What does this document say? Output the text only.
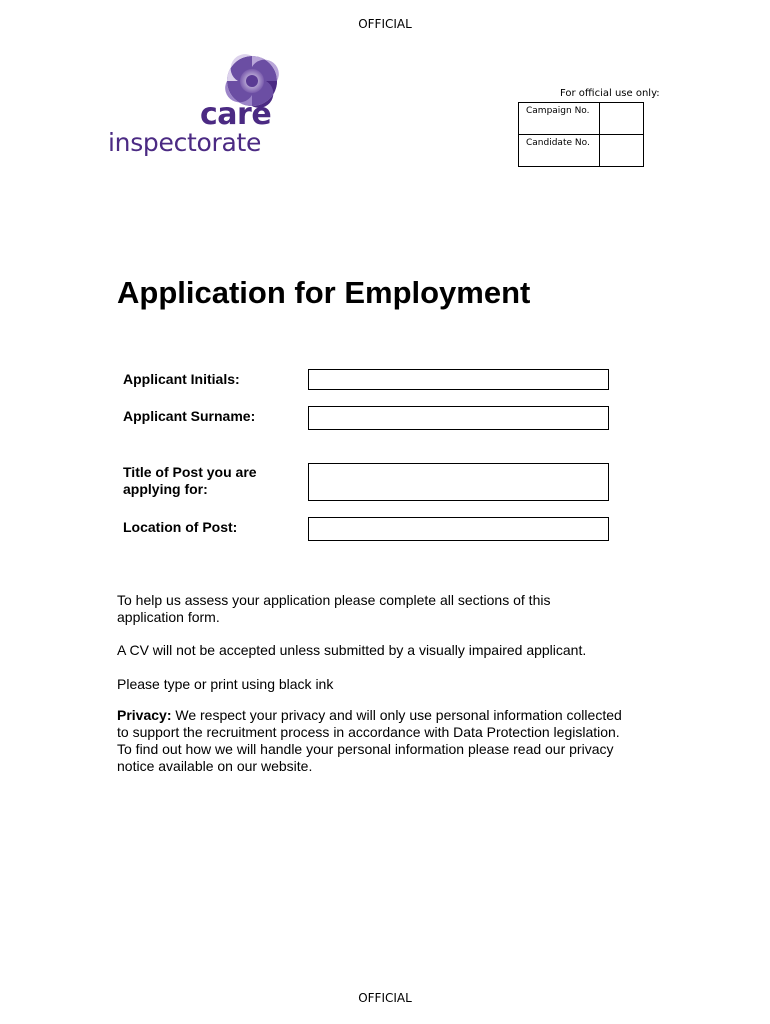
OFFICIAL
care
inspectorate
For official use only:
Campaign No.	
Candidate No.	
Application for Employment
Applicant Initials:
Applicant Surname:
Title of Post you are applying for:
Location of Post:
To help us assess your application please complete all sections of this application form.
A CV will not be accepted unless submitted by a visually impaired applicant.
Please type or print using black ink
Privacy: We respect your privacy and will only use personal information collected to support the recruitment process in accordance with Data Protection legislation. To find out how we will handle your personal information please read our privacy notice available on our website.
OFFICIAL
